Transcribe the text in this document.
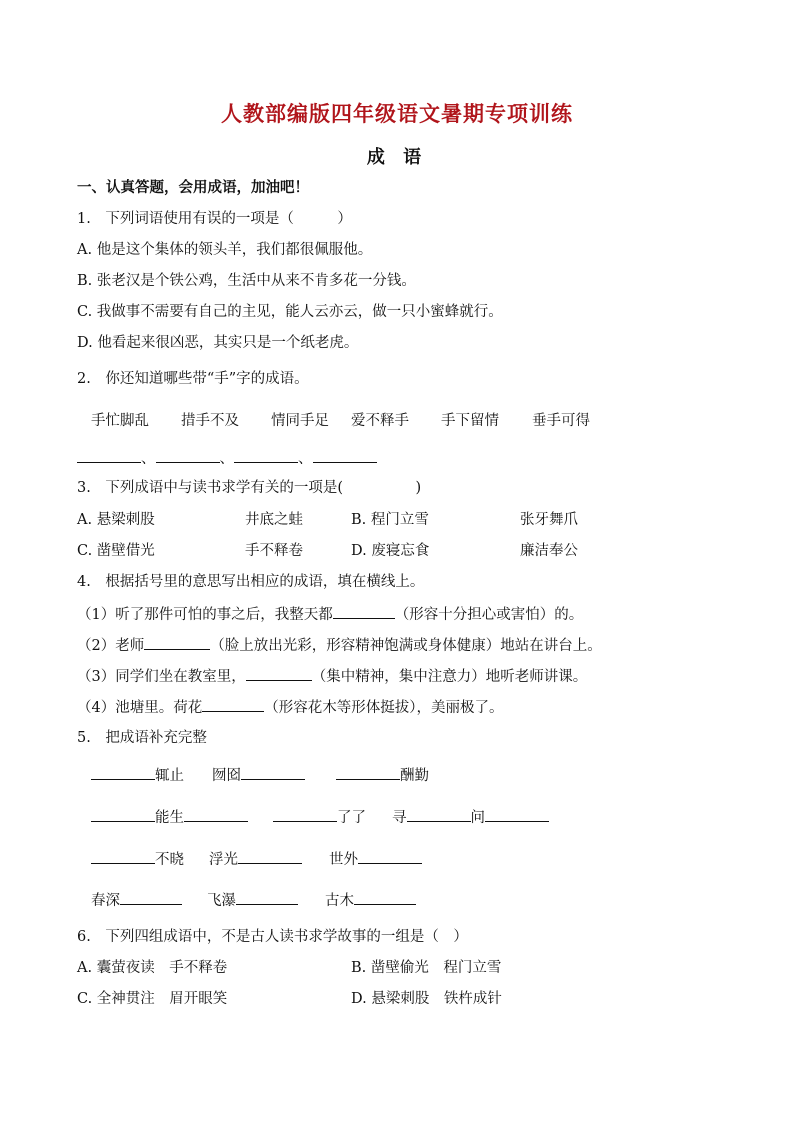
人教部编版四年级语文暑期专项训练
成 语
一、认真答题，会用成语，加油吧！
1.　下列词语使用有误的一项是（　　　）
A. 他是这个集体的领头羊，我们都很佩服他。
B. 张老汉是个铁公鸡，生活中从来不肯多花一分钱。
C. 我做事不需要有自己的主见，能人云亦云，做一只小蜜蜂就行。
D. 他看起来很凶恶，其实只是一个纸老虎。
2.　你还知道哪些带“手”字的成语。
手忙脚乱 措手不及 情同手足 爱不释手 手下留情 垂手可得
、	、	、
3.　下列成语中与读书求学有关的一项是(　　　　　)
A. 悬梁刺股	井底之蛙	B. 程门立雪	张牙舞爪
C. 凿壁借光	手不释卷	D. 废寝忘食	廉洁奉公
4.　根据括号里的意思写出相应的成语，填在横线上。
（1）听了那件可怕的事之后，我整天都	（形容十分担心或害怕）的。
（2）老师	（脸上放出光彩，形容精神饱满或身体健康）地站在讲台上。
（3）同学们坐在教室里，	（集中精神，集中注意力）地听老师讲课。
（4）池塘里。荷花	（形容花木等形体挺拔），美丽极了。
5.　把成语补充完整
辄止 囫囵	酬勤
能生	了了 寻	问
不晓 浮光	世外
春深	飞瀑	古木
6.　下列四组成语中，不是古人读书求学故事的一组是（　）
A. 囊萤夜读　手不释卷	B. 凿壁偷光　程门立雪
C. 全神贯注　眉开眼笑	D. 悬梁刺股　铁杵成针
